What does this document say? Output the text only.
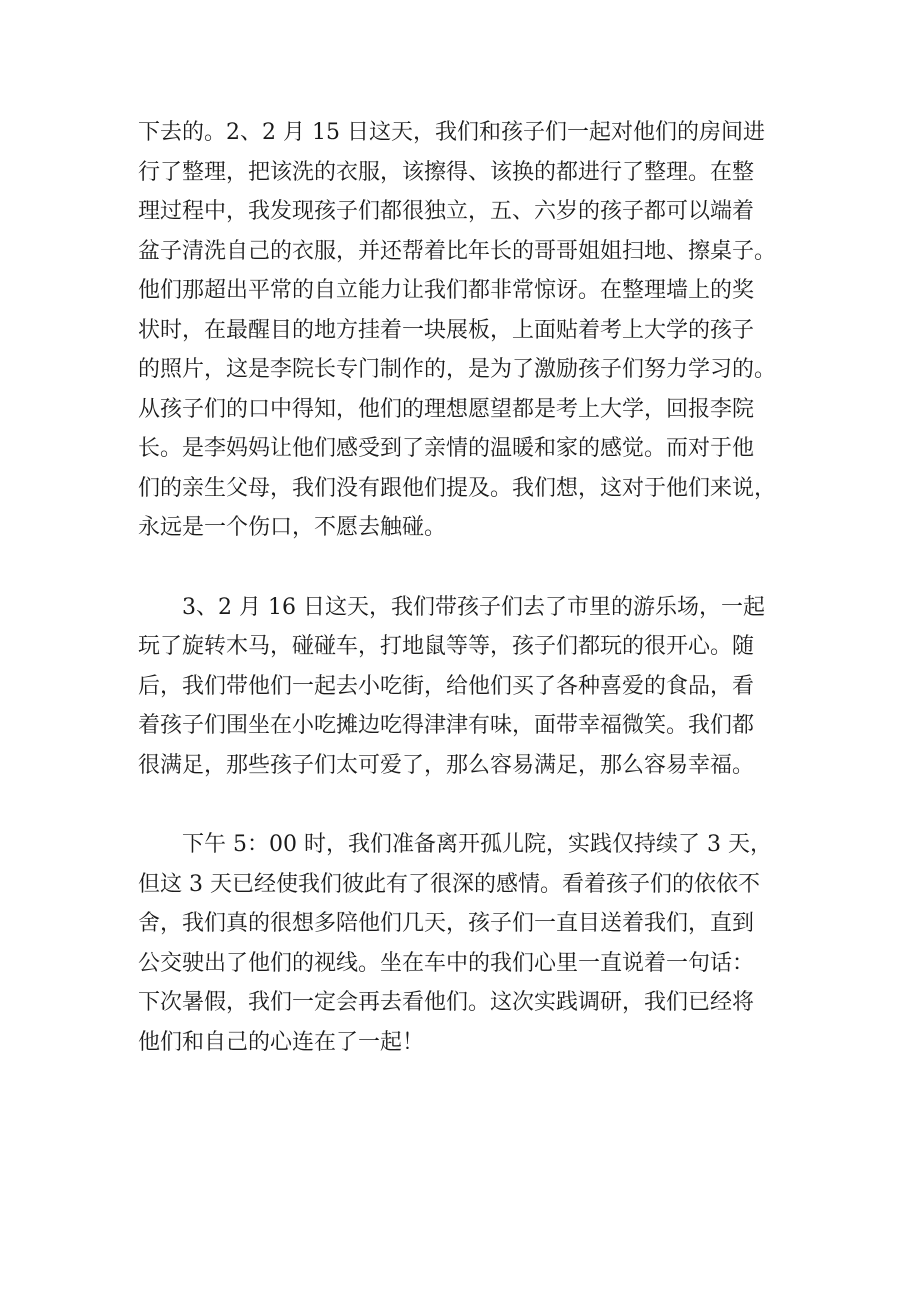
下去的。2、2 月 15 日这天，我们和孩子们一起对他们的房间进
行了整理，把该洗的衣服，该擦得、该换的都进行了整理。在整
理过程中，我发现孩子们都很独立，五、六岁的孩子都可以端着
盆子清洗自己的衣服，并还帮着比年长的哥哥姐姐扫地、擦桌子。
他们那超出平常的自立能力让我们都非常惊讶。在整理墙上的奖
状时，在最醒目的地方挂着一块展板，上面贴着考上大学的孩子
的照片，这是李院长专门制作的，是为了激励孩子们努力学习的。
从孩子们的口中得知，他们的理想愿望都是考上大学，回报李院
长。是李妈妈让他们感受到了亲情的温暖和家的感觉。而对于他
们的亲生父母，我们没有跟他们提及。我们想，这对于他们来说，
永远是一个伤口，不愿去触碰。
3、2 月 16 日这天，我们带孩子们去了市里的游乐场，一起
玩了旋转木马，碰碰车，打地鼠等等，孩子们都玩的很开心。随
后，我们带他们一起去小吃街，给他们买了各种喜爱的食品，看
着孩子们围坐在小吃摊边吃得津津有味，面带幸福微笑。我们都
很满足，那些孩子们太可爱了，那么容易满足，那么容易幸福。
下午 5：00 时，我们准备离开孤儿院，实践仅持续了 3 天，
但这 3 天已经使我们彼此有了很深的感情。看着孩子们的依依不
舍，我们真的很想多陪他们几天，孩子们一直目送着我们，直到
公交驶出了他们的视线。坐在车中的我们心里一直说着一句话：
下次暑假，我们一定会再去看他们。这次实践调研，我们已经将
他们和自己的心连在了一起！
